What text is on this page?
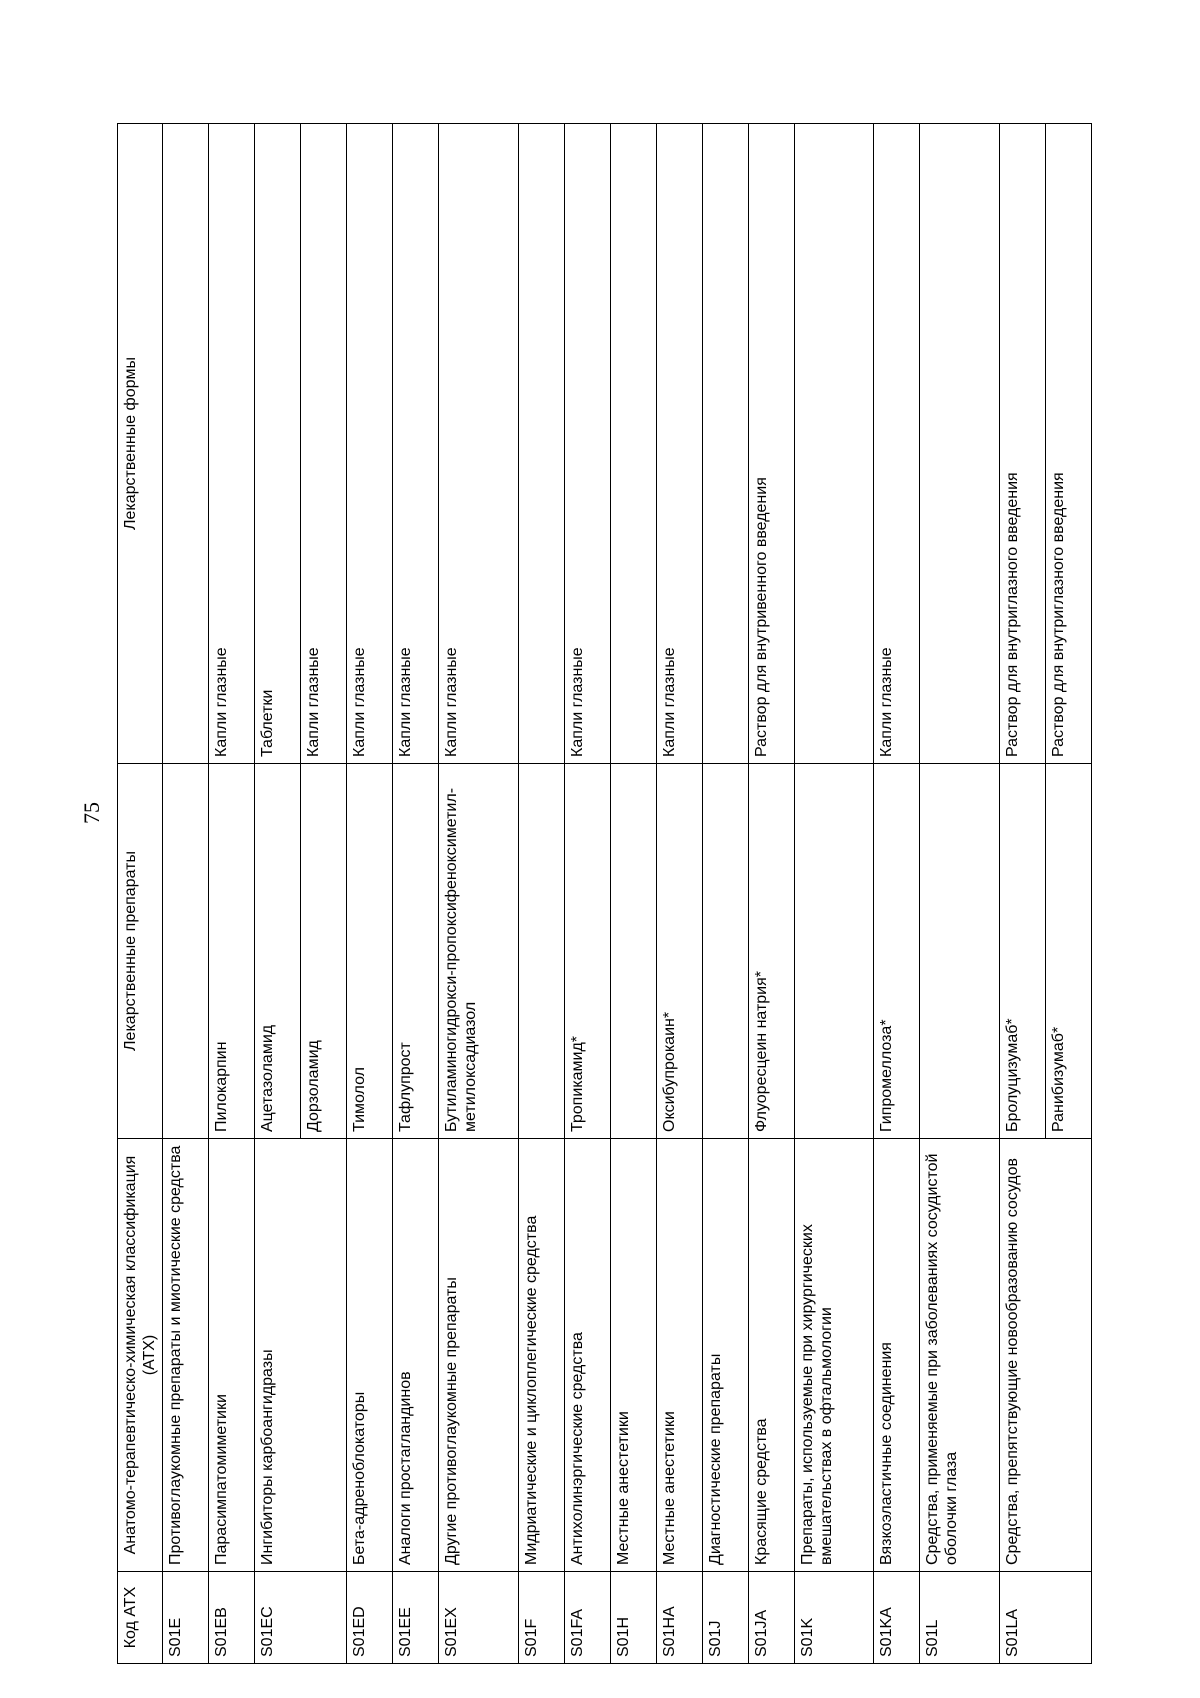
75
Код АТХ	Анатомо-терапевтическо-химическая классификация (АТХ)	Лекарственные препараты	Лекарственные формы
S01E	Противоглаукомные препараты и миотические средства		
S01EB	Парасимпатомиметики	Пилокарпин	Капли глазные
S01EC	Ингибиторы карбоангидразы	Ацетазоламид	Таблетки
		Дорзоламид	Капли глазные
S01ED	Бета-адреноблокаторы	Тимолол	Капли глазные
S01EE	Аналоги простагландинов	Тафлупрост	Капли глазные
S01EX	Другие противоглаукомные препараты	Бутиламиногидрокси-пропоксифеноксиметил-метилоксадиазол	Капли глазные
S01F	Мидриатические и циклоплегические средства		
S01FA	Антихолинэргические средства	Тропикамид*	Капли глазные
S01H	Местные анестетики		
S01HA	Местные анестетики	Оксибупрокаин*	Капли глазные
S01J	Диагностические препараты		
S01JA	Красящие средства	Флуоресцеин натрия*	Раствор для внутривенного введения
S01K	Препараты, используемые при хирургических вмешательствах в офтальмологии		
S01KA	Вязкоэластичные соединения	Гипромеллоза*	Капли глазные
S01L	Средства, применяемые при заболеваниях сосудистой оболочки глаза		
S01LA	Средства, препятствующие новообразованию сосудов	Бролуцизумаб*	Раствор для внутриглазного введения
		Ранибизумаб*	Раствор для внутриглазного введения
